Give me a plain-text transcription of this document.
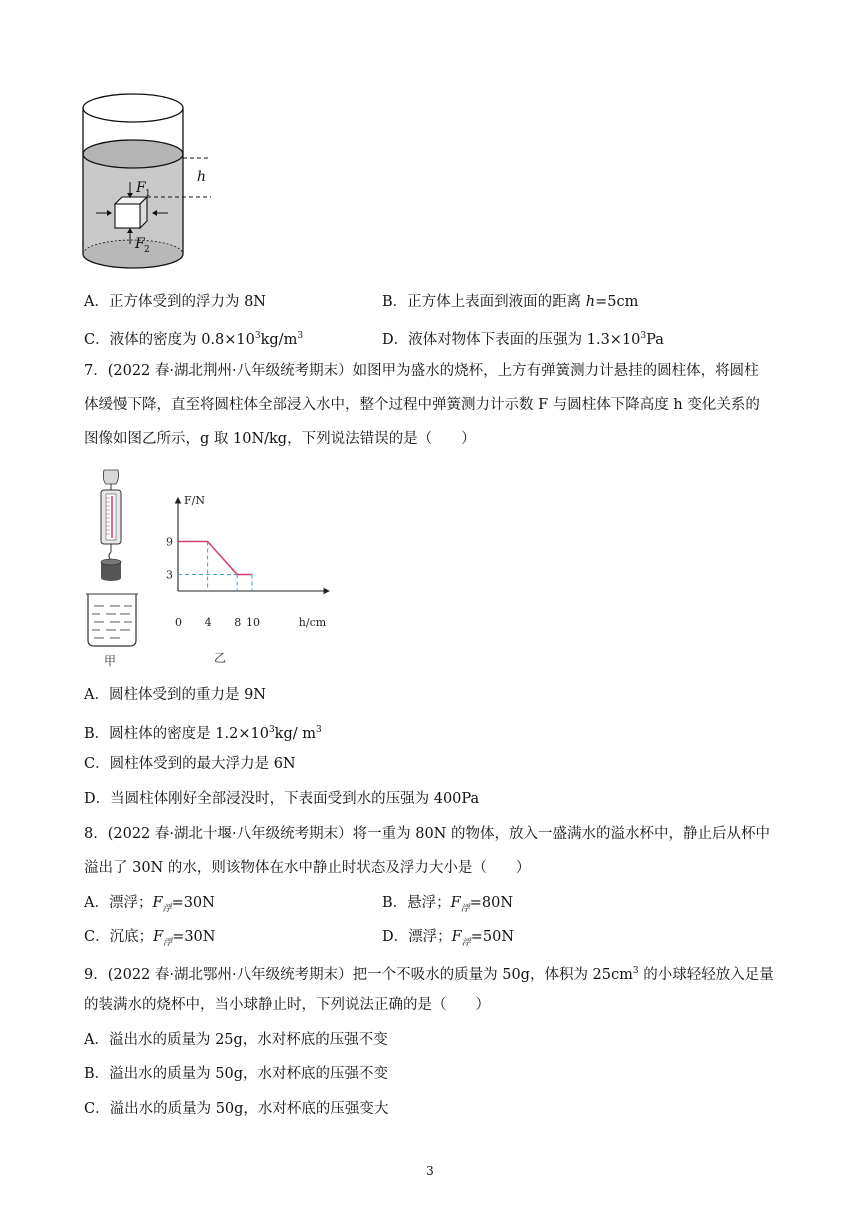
h
F 1
F 2
A．正方体受到的浮力为 8N	B．正方体上表面到液面的距离 h=5cm
C．液体的密度为 $0.8\times 10^3kg/m^3$	D．液体对物体下表面的压强为 $1.3\times 10^3Pa$
7．(2022 春·湖北荆州·八年级统考期末）如图甲为盛水的烧杯，上方有弹簧测力计悬挂的圆柱体，将圆柱
体缓慢下降，直至将圆柱体全部浸入水中，整个过程中弹簧测力计示数 F 与圆柱体下降高度 h 变化关系的
图像如图乙所示，g 取 10N/kg，下列说法错误的是（　　）
甲
F/N
h/cm
0 4 8 10
9
3
乙
A．圆柱体受到的重力是 9N
B．圆柱体的密度是 $1.2\times 10^3kg/$ $m^3$
C．圆柱体受到的最大浮力是 6N
D．当圆柱体刚好全部浸没时，下表面受到水的压强为 400Pa
8．(2022 春·湖北十堰·八年级统考期末）将一重为 80N 的物体，放入一盛满水的溢水杯中，静止后从杯中
溢出了 30N 的水，则该物体在水中静止时状态及浮力大小是（　　）
A．漂浮；$F_浮=30N$	B．悬浮；$F_浮=80N$
C．沉底；$F_浮=30N$	D．漂浮；$F_浮=50N$
9．(2022 春·湖北鄂州·八年级统考期末）把一个不吸水的质量为 50g，体积为 $25cm^3$ 的小球轻轻放入足量
的装满水的烧杯中，当小球静止时，下列说法正确的是（　　）
A．溢出水的质量为 25g，水对杯底的压强不变
B．溢出水的质量为 50g，水对杯底的压强不变
C．溢出水的质量为 50g，水对杯底的压强变大
3
